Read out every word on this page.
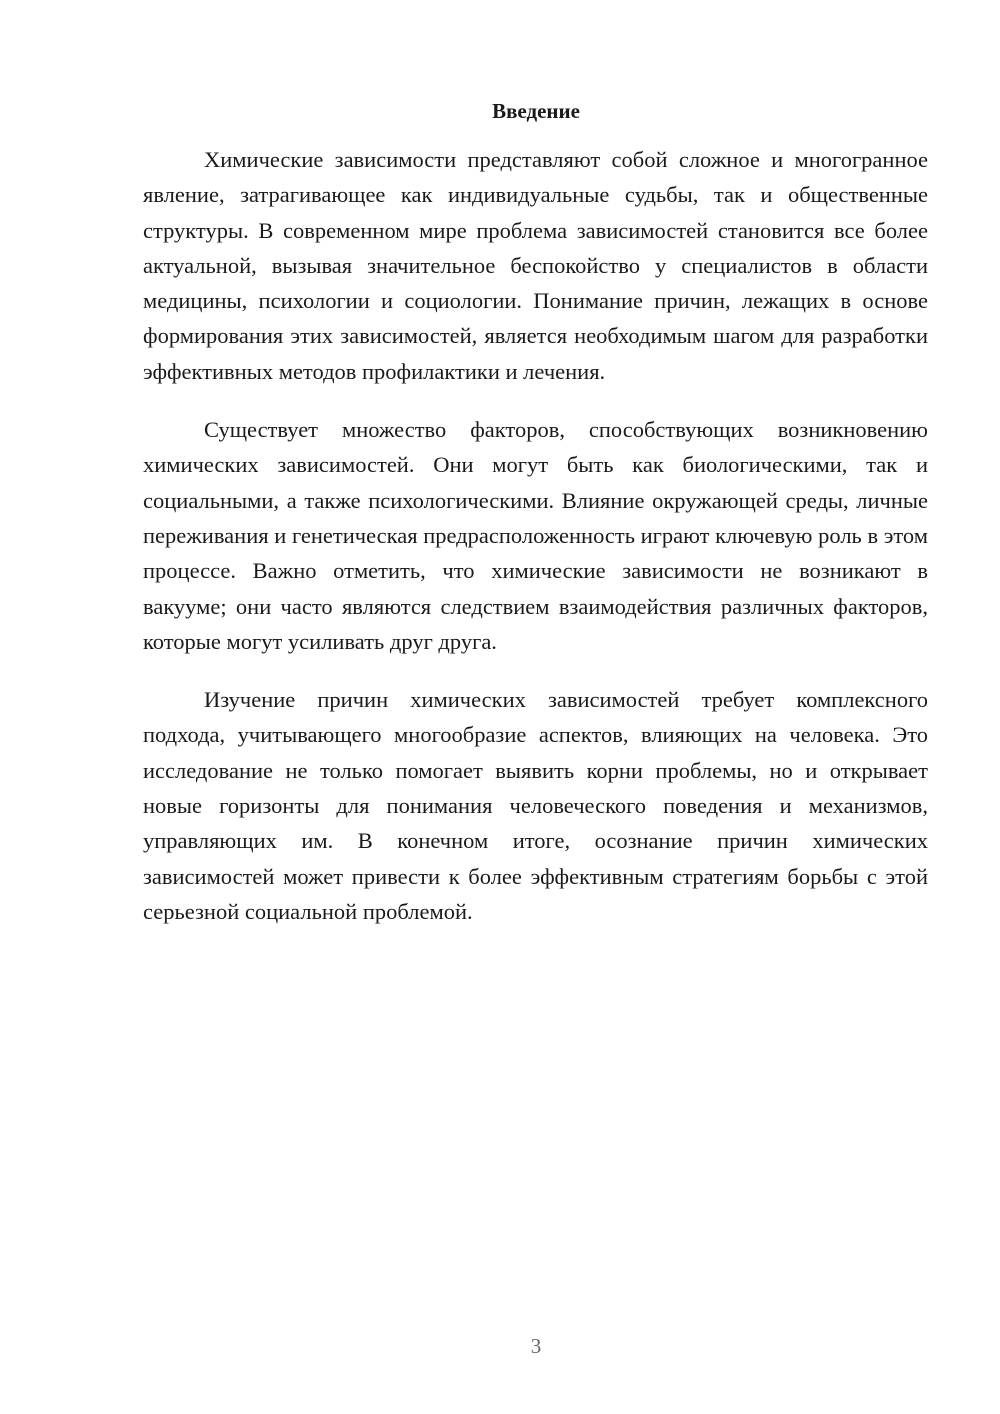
Введение

Химические зависимости представляют собой сложное и многогранное явление, затрагивающее как индивидуальные судьбы, так и общественные структуры. В современном мире проблема зависимостей становится все более актуальной, вызывая значительное беспокойство у специалистов в области медицины, психологии и социологии. Понимание причин, лежащих в основе формирования этих зависимостей, является необходимым шагом для разработки эффективных методов профилактики и лечения.

Существует множество факторов, способствующих возникновению химических зависимостей. Они могут быть как биологическими, так и социальными, а также психологическими. Влияние окружающей среды, личные переживания и генетическая предрасположенность играют ключевую роль в этом процессе. Важно отметить, что химические зависимости не возникают в вакууме; они часто являются следствием взаимодействия различных факторов, которые могут усиливать друг друга.

Изучение причин химических зависимостей требует комплексного подхода, учитывающего многообразие аспектов, влияющих на человека. Это исследование не только помогает выявить корни проблемы, но и открывает новые горизонты для понимания человеческого поведения и механизмов, управляющих им. В конечном итоге, осознание причин химических зависимостей может привести к более эффективным стратегиям борьбы с этой серьезной социальной проблемой.

3
